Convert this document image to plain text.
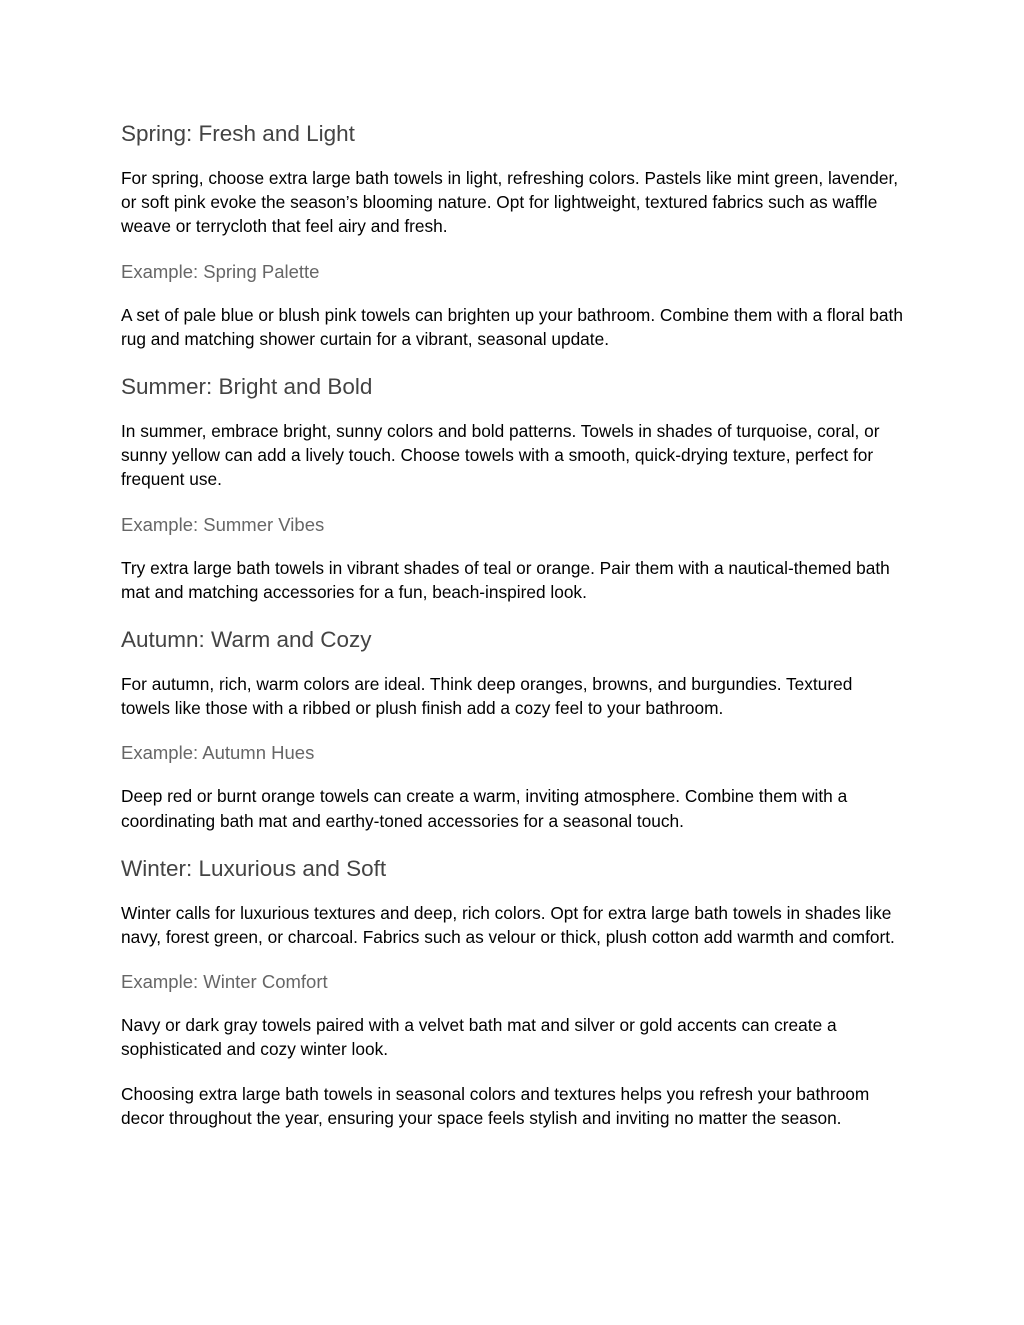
Spring: Fresh and Light

For spring, choose extra large bath towels in light, refreshing colors. Pastels like mint green, lavender, or soft pink evoke the season’s blooming nature. Opt for lightweight, textured fabrics such as waffle weave or terrycloth that feel airy and fresh.

Example: Spring Palette

A set of pale blue or blush pink towels can brighten up your bathroom. Combine them with a floral bath rug and matching shower curtain for a vibrant, seasonal update.

Summer: Bright and Bold

In summer, embrace bright, sunny colors and bold patterns. Towels in shades of turquoise, coral, or sunny yellow can add a lively touch. Choose towels with a smooth, quick-drying texture, perfect for frequent use.

Example: Summer Vibes

Try extra large bath towels in vibrant shades of teal or orange. Pair them with a nautical-themed bath mat and matching accessories for a fun, beach-inspired look.

Autumn: Warm and Cozy

For autumn, rich, warm colors are ideal. Think deep oranges, browns, and burgundies. Textured towels like those with a ribbed or plush finish add a cozy feel to your bathroom.

Example: Autumn Hues

Deep red or burnt orange towels can create a warm, inviting atmosphere. Combine them with a coordinating bath mat and earthy-toned accessories for a seasonal touch.

Winter: Luxurious and Soft

Winter calls for luxurious textures and deep, rich colors. Opt for extra large bath towels in shades like navy, forest green, or charcoal. Fabrics such as velour or thick, plush cotton add warmth and comfort.

Example: Winter Comfort

Navy or dark gray towels paired with a velvet bath mat and silver or gold accents can create a sophisticated and cozy winter look.

Choosing extra large bath towels in seasonal colors and textures helps you refresh your bathroom decor throughout the year, ensuring your space feels stylish and inviting no matter the season.
